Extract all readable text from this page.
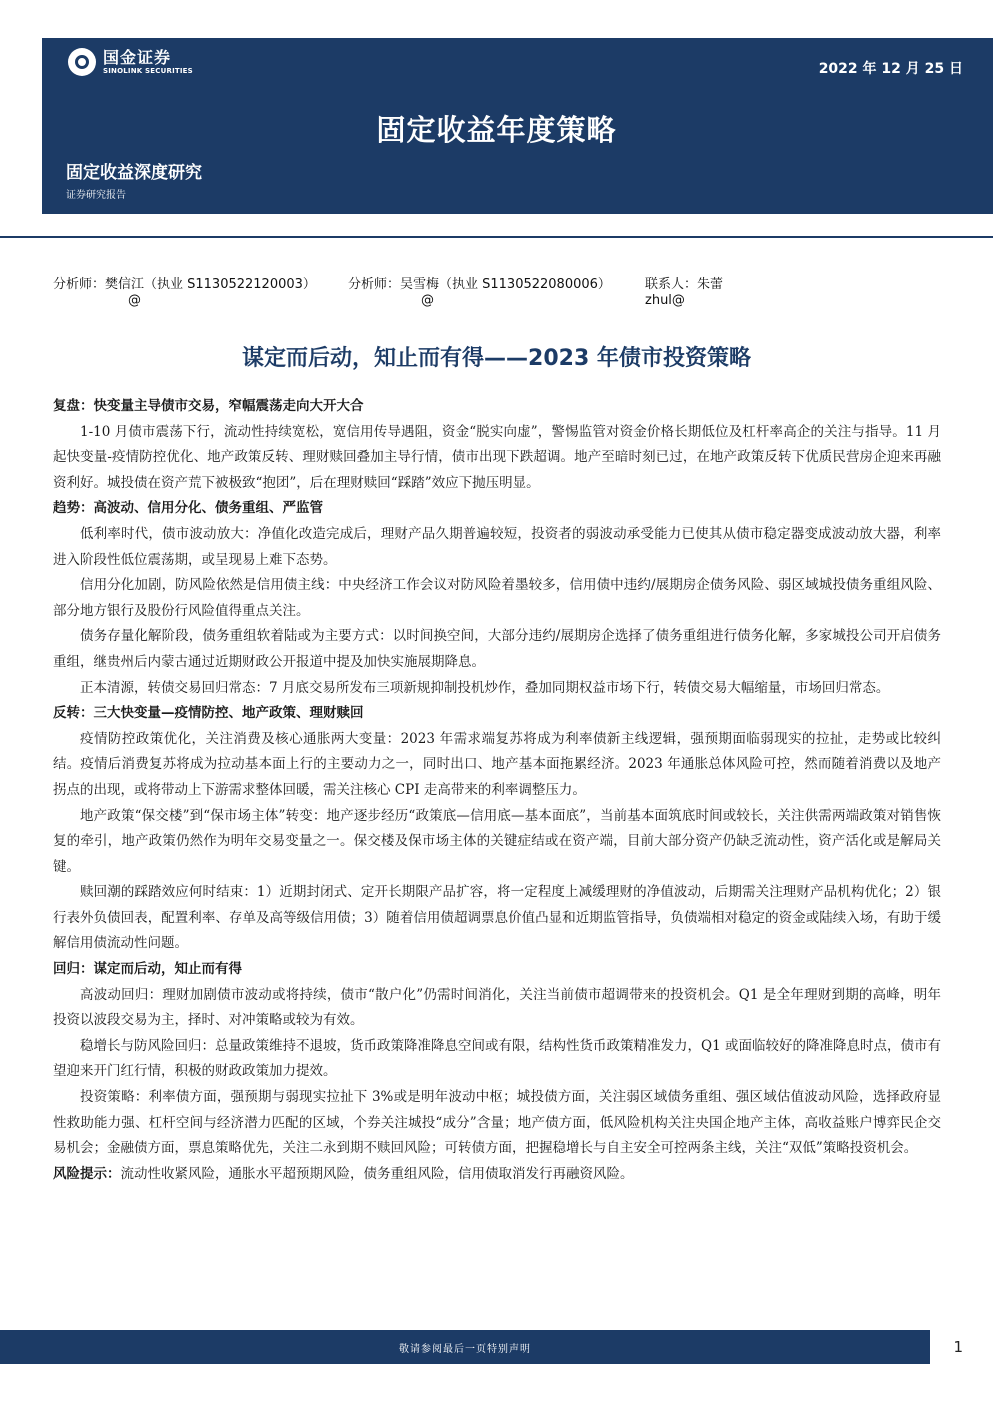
国金证券
SINOLINK SECURITIES	2022 年 12 月 25 日
固定收益年度策略
固定收益深度研究
证券研究报告
分析师：樊信江（执业 S1130522120003）
@
分析师：吴雪梅（执业 S1130522080006）
@
联系人：朱蕾
zhul@
谋定而后动，知止而有得——2023 年债市投资策略
复盘：快变量主导债市交易，窄幅震荡走向大开大合
1-10 月债市震荡下行，流动性持续宽松，宽信用传导遇阻，资金“脱实向虚”，警惕监管对资金价格长期低位及杠杆率高企的关注与指导。11 月起快变量-疫情防控优化、地产政策反转、理财赎回叠加主导行情，债市出现下跌超调。地产至暗时刻已过，在地产政策反转下优质民营房企迎来再融资利好。城投债在资产荒下被极致“抱团”，后在理财赎回“踩踏”效应下抛压明显。
趋势：高波动、信用分化、债务重组、严监管
低利率时代，债市波动放大：净值化改造完成后，理财产品久期普遍较短，投资者的弱波动承受能力已使其从债市稳定器变成波动放大器，利率进入阶段性低位震荡期，或呈现易上难下态势。
信用分化加剧，防风险依然是信用债主线：中央经济工作会议对防风险着墨较多，信用债中违约/展期房企债务风险、弱区域城投债务重组风险、部分地方银行及股份行风险值得重点关注。
债务存量化解阶段，债务重组软着陆或为主要方式：以时间换空间，大部分违约/展期房企选择了债务重组进行债务化解，多家城投公司开启债务重组，继贵州后内蒙古通过近期财政公开报道中提及加快实施展期降息。
正本清源，转债交易回归常态：7 月底交易所发布三项新规抑制投机炒作，叠加同期权益市场下行，转债交易大幅缩量，市场回归常态。
反转：三大快变量—疫情防控、地产政策、理财赎回
疫情防控政策优化，关注消费及核心通胀两大变量：2023 年需求端复苏将成为利率债新主线逻辑，强预期面临弱现实的拉扯，走势或比较纠结。疫情后消费复苏将成为拉动基本面上行的主要动力之一，同时出口、地产基本面拖累经济。2023 年通胀总体风险可控，然而随着消费以及地产拐点的出现，或将带动上下游需求整体回暖，需关注核心 CPI 走高带来的利率调整压力。
地产政策“保交楼”到“保市场主体”转变：地产逐步经历“政策底—信用底—基本面底”，当前基本面筑底时间或较长，关注供需两端政策对销售恢复的牵引，地产政策仍然作为明年交易变量之一。保交楼及保市场主体的关键症结或在资产端，目前大部分资产仍缺乏流动性，资产活化或是解局关键。
赎回潮的踩踏效应何时结束：1）近期封闭式、定开长期限产品扩容，将一定程度上减缓理财的净值波动，后期需关注理财产品机构优化；2）银行表外负债回表，配置利率、存单及高等级信用债；3）随着信用债超调票息价值凸显和近期监管指导，负债端相对稳定的资金或陆续入场，有助于缓解信用债流动性问题。
回归：谋定而后动，知止而有得
高波动回归：理财加剧债市波动或将持续，债市“散户化”仍需时间消化，关注当前债市超调带来的投资机会。Q1 是全年理财到期的高峰，明年投资以波段交易为主，择时、对冲策略或较为有效。
稳增长与防风险回归：总量政策维持不退坡，货币政策降准降息空间或有限，结构性货币政策精准发力，Q1 或面临较好的降准降息时点，债市有望迎来开门红行情，积极的财政政策加力提效。
投资策略：利率债方面，强预期与弱现实拉扯下 3%或是明年波动中枢；城投债方面，关注弱区域债务重组、强区域估值波动风险，选择政府显性救助能力强、杠杆空间与经济潜力匹配的区域，个券关注城投“成分”含量；地产债方面，低风险机构关注央国企地产主体，高收益账户博弈民企交易机会；金融债方面，票息策略优先，关注二永到期不赎回风险；可转债方面，把握稳增长与自主安全可控两条主线，关注“双低”策略投资机会。
风险提示：流动性收紧风险，通胀水平超预期风险，债务重组风险，信用债取消发行再融资风险。
敬请参阅最后一页特别声明	1
